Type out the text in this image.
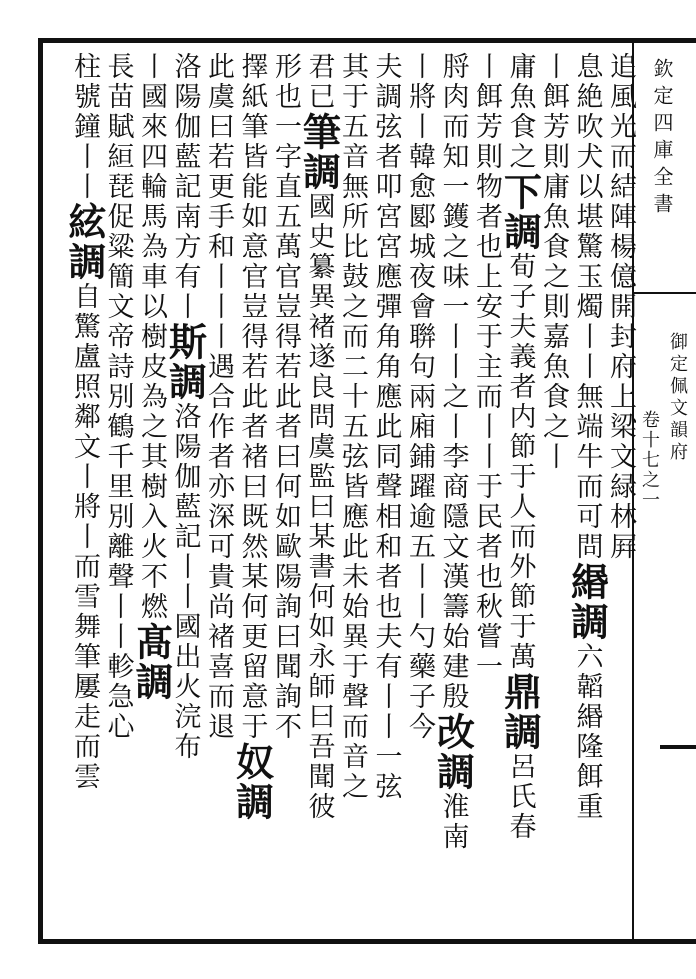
欽定四庫全書
御定佩文韻府
卷十七之一
追風光而結陣楊億開封府上梁文緑林屛
息絶吹犬以堪驚玉燭丨丨無端牛而可問緡調六韜緡隆餌重
丨餌芳則庸魚食之則嘉魚食之丨
庸魚食之下調荀子夫義者内節于人而外節于萬鼎調呂氏春
丨餌芳則物者也上安于主而丨丨于民者也秋嘗一
脟肉而知一鑊之味一丨丨之丨李商隱文漢籌始建殷改調淮南
丨將丨韓愈郾城夜會聨句兩廂鋪躍逾五丨丨勺藥子今
夫調弦者叩宮宮應彈角角應此同聲相和者也夫有丨丨一弦
其于五音無所比鼓之而二十五弦皆應此未始異于聲而音之
君已筆調國史纂異褚遂良問虞監曰某書何如永師曰吾聞彼
形也一字直五萬官豈得若此者曰何如歐陽詢曰聞詢不
擇紙筆皆能如意官豈得若此者褚曰既然某何更留意于奴調
此虞曰若更手和丨丨丨遇合作者亦深可貴尚褚喜而退
洛陽伽藍記南方有丨斯調洛陽伽藍記丨丨國出火浣布
丨國來四輪馬為車以樹皮為之其樹入火不燃髙調
長苗賦絙琵促粱簡文帝詩別鶴千里別離聲丨丨軫急心
柱號鐘丨丨絃調自驚盧照鄰文丨將丨而雪舞筆屢走而雲
